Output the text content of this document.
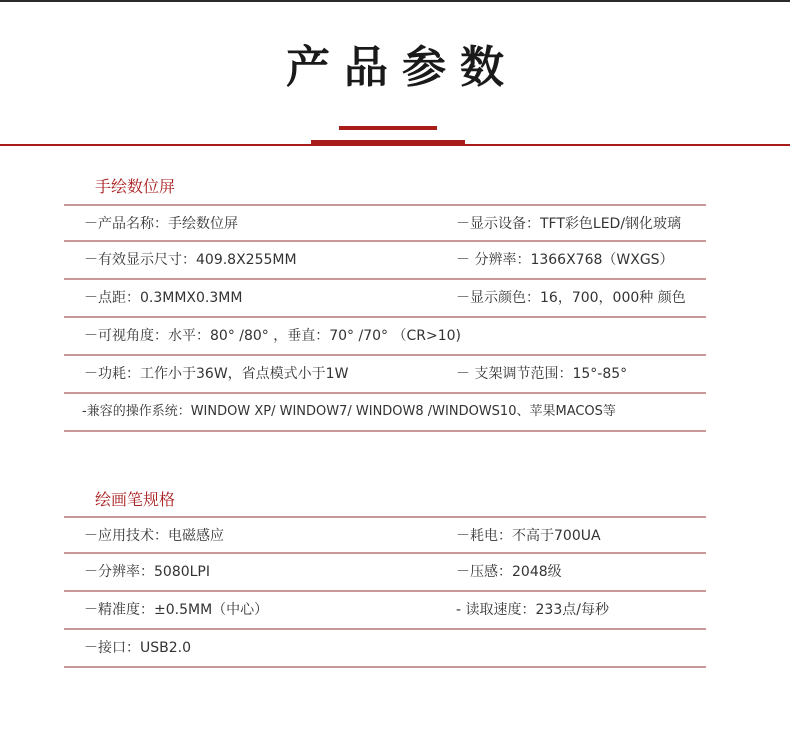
产品参数
手绘数位屏
－产品名称：手绘数位屏	－显示设备：TFT彩色LED/钢化玻璃
－有效显示尺寸：409.8X255MM	－ 分辨率：1366X768（WXGS）
－点距：0.3MMX0.3MM	－显示颜色：16，700，000种 颜色
－可视角度：水平：80° /80° ，垂直：70° /70° （CR>10)
－功耗：工作小于36W，省点模式小于1W	－ 支架调节范围：15°-85°
-兼容的操作系统：WINDOW XP/ WINDOW7/ WINDOW8 /WINDOWS10、苹果MACOS等
绘画笔规格
－应用技术：电磁感应	－耗电：不高于700UA
－分辨率：5080LPI	－压感：2048级
－精准度：±0.5MM（中心）	- 读取速度：233点/每秒
－接口：USB2.0
